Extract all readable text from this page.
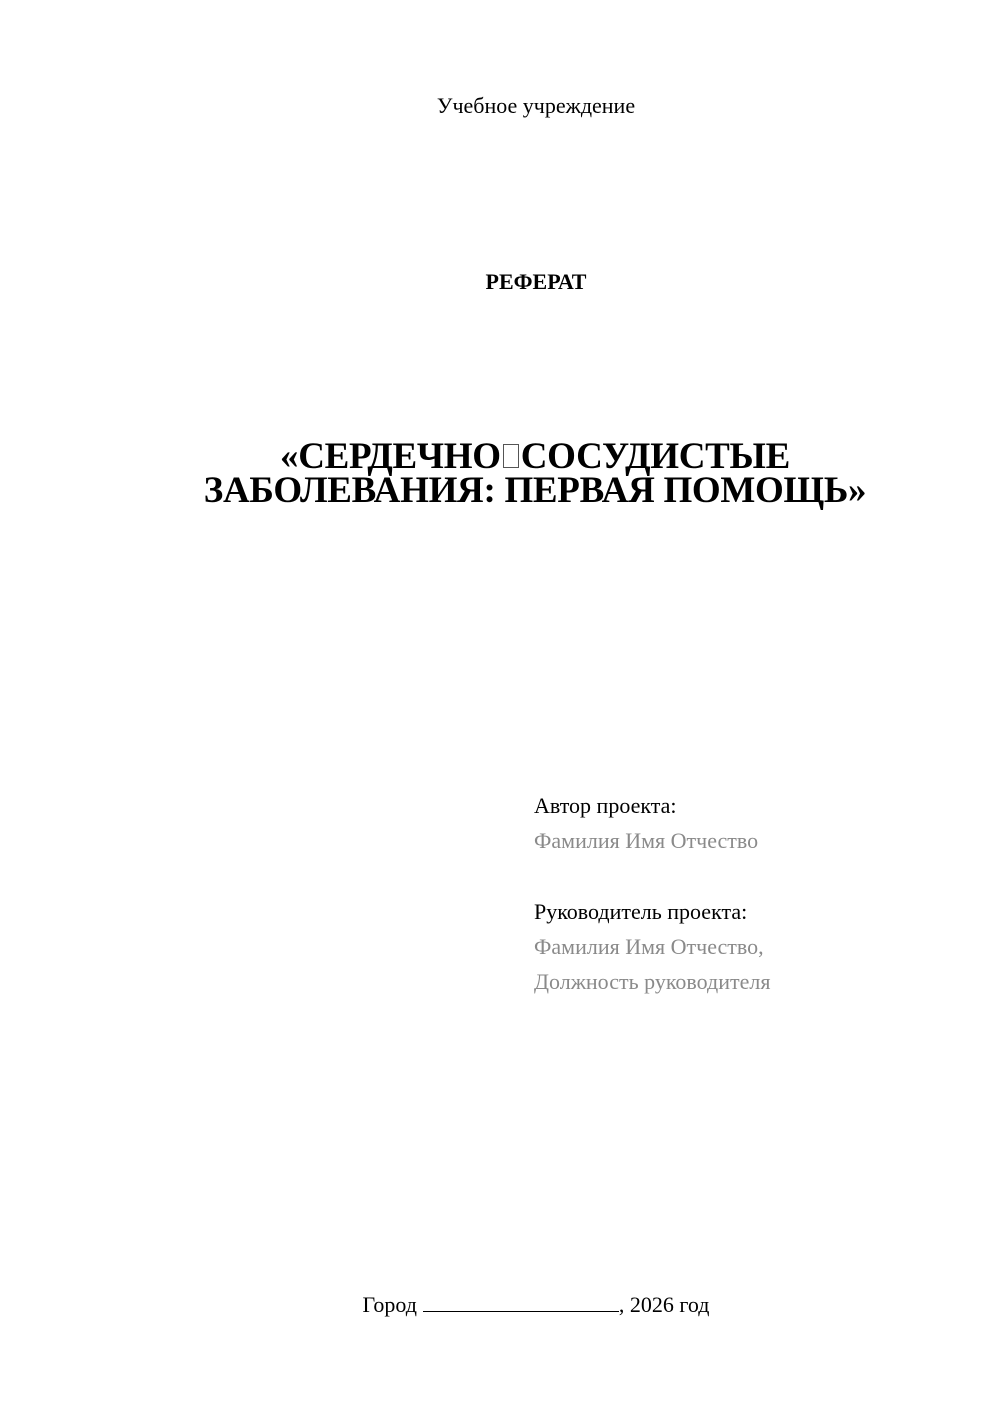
Учебное учреждение
РЕФЕРАТ
«СЕРДЕЧНО СОСУДИСТЫЕ
ЗАБОЛЕВАНИЯ: ПЕРВАЯ ПОМОЩЬ»
Автор проекта:
Фамилия Имя Отчество
Руководитель проекта:
Фамилия Имя Отчество,
Должность руководителя
Город	, 2026 год
